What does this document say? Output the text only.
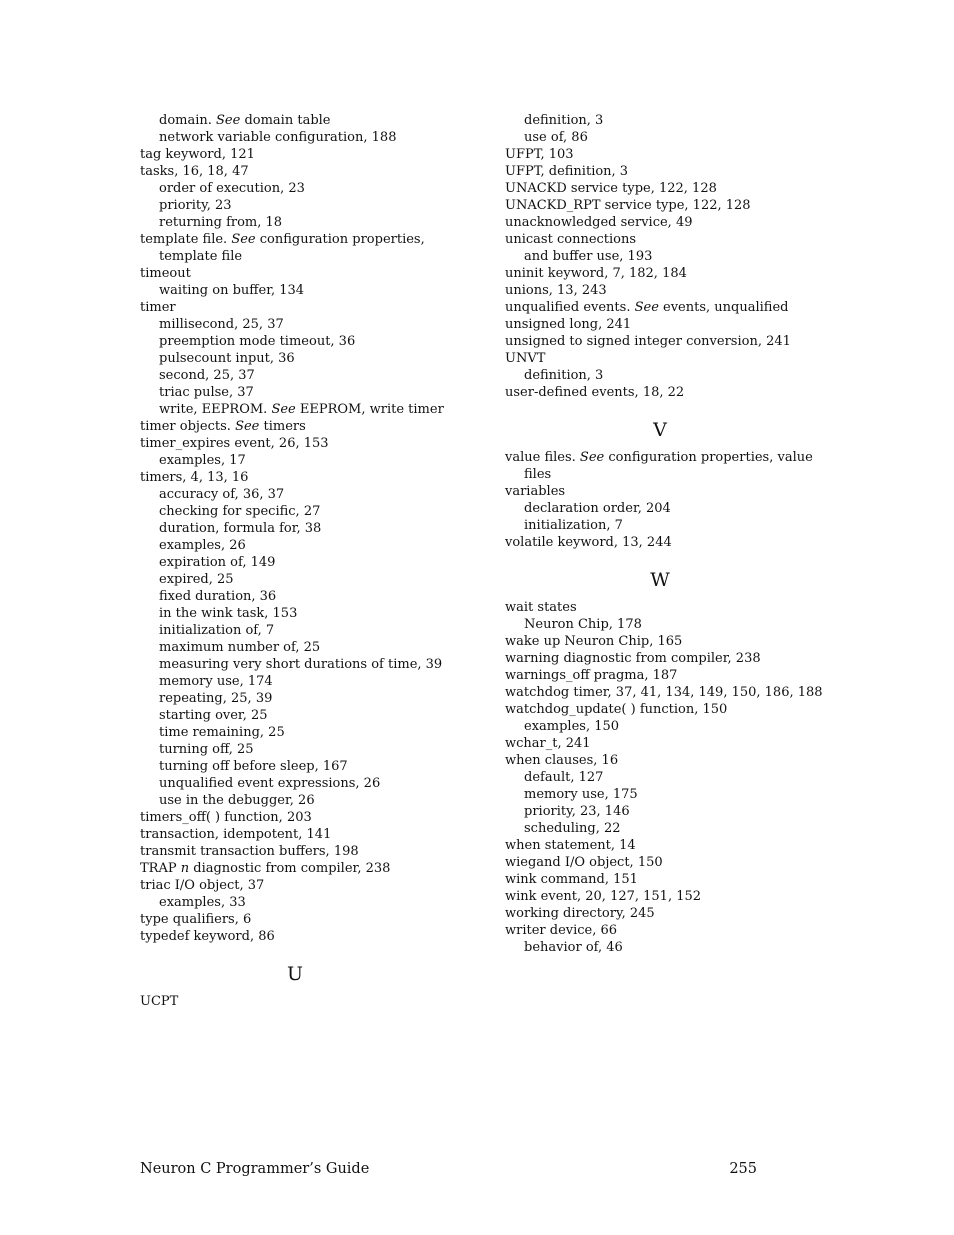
domain. See domain table
network variable configuration, 188
tag keyword, 121
tasks, 16, 18, 47
order of execution, 23
priority, 23
returning from, 18
template file. See configuration properties,
template file
timeout
waiting on buffer, 134
timer
millisecond, 25, 37
preemption mode timeout, 36
pulsecount input, 36
second, 25, 37
triac pulse, 37
write, EEPROM. See EEPROM, write timer
timer objects. See timers
timer_expires event, 26, 153
examples, 17
timers, 4, 13, 16
accuracy of, 36, 37
checking for specific, 27
duration, formula for, 38
examples, 26
expiration of, 149
expired, 25
fixed duration, 36
in the wink task, 153
initialization of, 7
maximum number of, 25
measuring very short durations of time, 39
memory use, 174
repeating, 25, 39
starting over, 25
time remaining, 25
turning off, 25
turning off before sleep, 167
unqualified event expressions, 26
use in the debugger, 26
timers_off( ) function, 203
transaction, idempotent, 141
transmit transaction buffers, 198
TRAP n diagnostic from compiler, 238
triac I/O object, 37
examples, 33
type qualifiers, 6
typedef keyword, 86
U
UCPT
definition, 3
use of, 86
UFPT, 103
UFPT, definition, 3
UNACKD service type, 122, 128
UNACKD_RPT service type, 122, 128
unacknowledged service, 49
unicast connections
and buffer use, 193
uninit keyword, 7, 182, 184
unions, 13, 243
unqualified events. See events, unqualified
unsigned long, 241
unsigned to signed integer conversion, 241
UNVT
definition, 3
user-defined events, 18, 22
V
value files. See configuration properties, value
files
variables
declaration order, 204
initialization, 7
volatile keyword, 13, 244
W
wait states
Neuron Chip, 178
wake up Neuron Chip, 165
warning diagnostic from compiler, 238
warnings_off pragma, 187
watchdog timer, 37, 41, 134, 149, 150, 186, 188
watchdog_update( ) function, 150
examples, 150
wchar_t, 241
when clauses, 16
default, 127
memory use, 175
priority, 23, 146
scheduling, 22
when statement, 14
wiegand I/O object, 150
wink command, 151
wink event, 20, 127, 151, 152
working directory, 245
writer device, 66
behavior of, 46
Neuron C Programmer’s Guide	255
